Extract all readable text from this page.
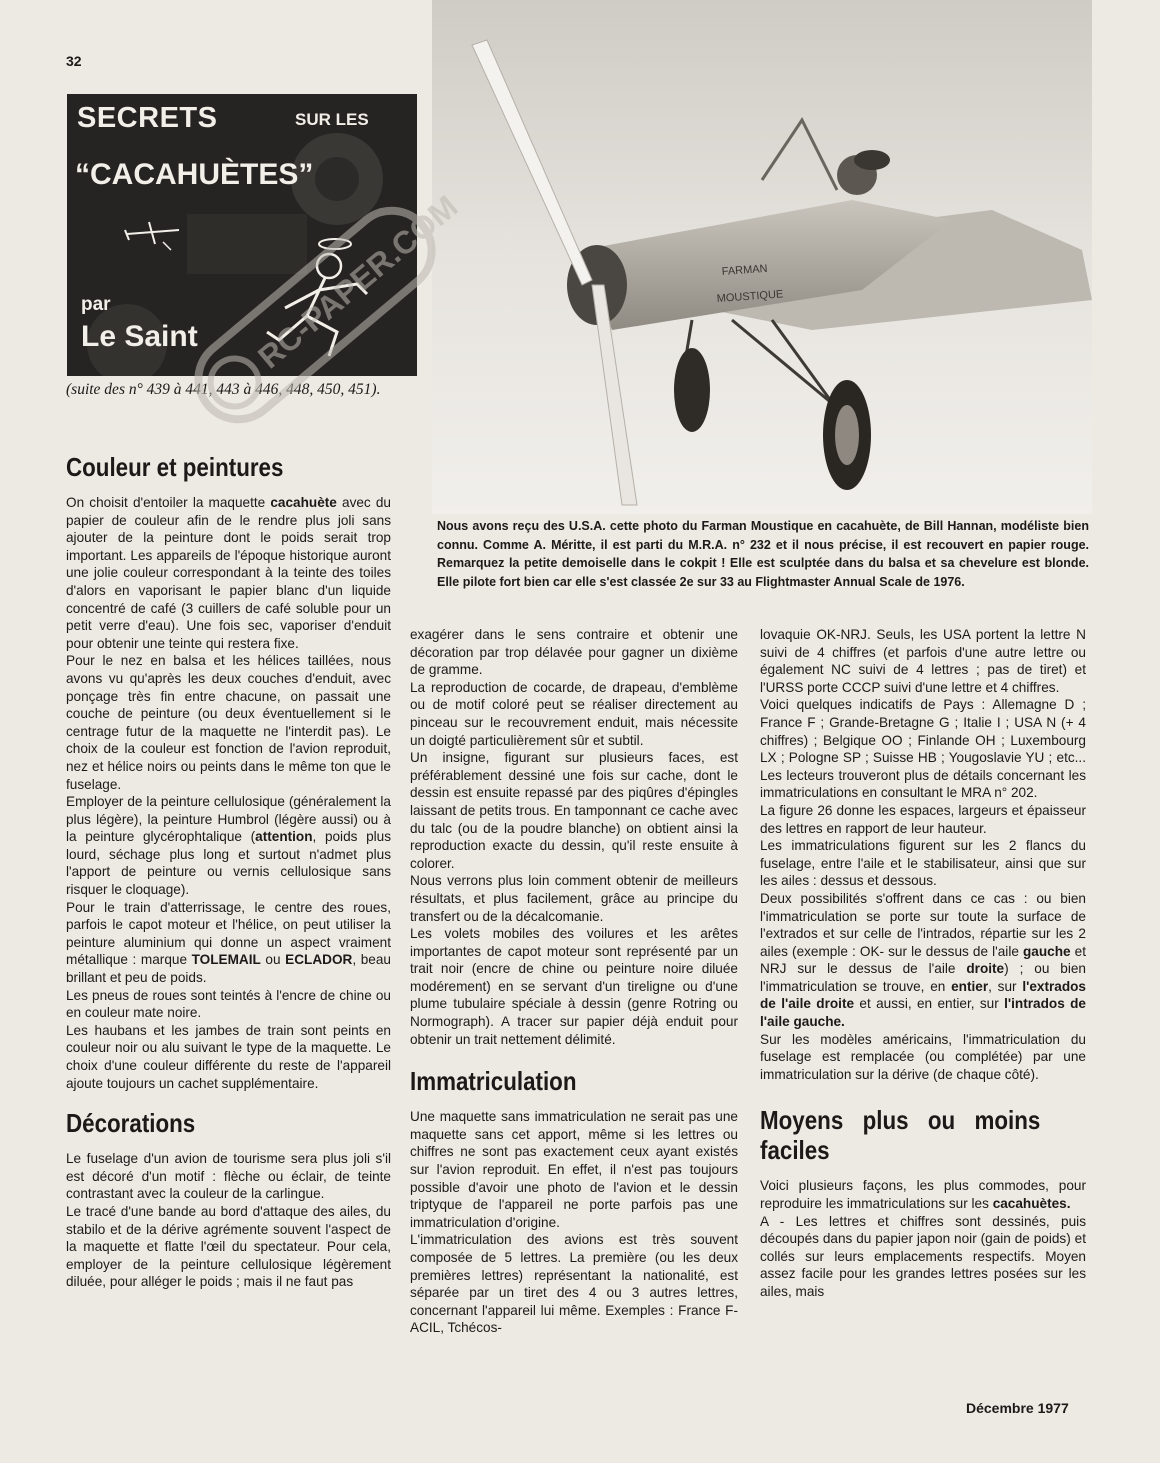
32
SECRETS	SUR LES
“CACAHUÈTES”
par
Le Saint
(suite des n° 439 à 441, 443 à 446, 448, 450, 451).
FARMAN
MOUSTIQUE
Nous avons reçu des U.S.A. cette photo du Farman Moustique en cacahuète, de Bill Hannan, modéliste bien connu. Comme A. Méritte, il est parti du M.R.A. n° 232 et il nous précise, il est recouvert en papier rouge. Remarquez la petite demoiselle dans le cokpit ! Elle est sculptée dans du balsa et sa chevelure est blonde. Elle pilote fort bien car elle s'est classée 2e sur 33 au Flightmaster Annual Scale de 1976.
RC-PAPER.COM
Couleur et peintures

On choisit d'entoiler la maquette cacahuète avec du papier de couleur afin de le rendre plus joli sans ajouter de la peinture dont le poids serait trop important. Les appareils de l'époque historique auront une jolie couleur correspondant à la teinte des toiles d'alors en vaporisant le papier blanc d'un liquide concentré de café (3 cuillers de café soluble pour un petit verre d'eau). Une fois sec, vaporiser d'enduit pour obtenir une teinte qui restera fixe.

Pour le nez en balsa et les hélices taillées, nous avons vu qu'après les deux couches d'enduit, avec ponçage très fin entre chacune, on passait une couche de peinture (ou deux éventuellement si le centrage futur de la maquette ne l'interdit pas). Le choix de la couleur est fonction de l'avion reproduit, nez et hélice noirs ou peints dans le même ton que le fuselage.

Employer de la peinture cellulosique (généralement la plus légère), la peinture Humbrol (légère aussi) ou à la peinture glycérophtalique (attention, poids plus lourd, séchage plus long et surtout n'admet plus l'apport de peinture ou vernis cellulosique sans risquer le cloquage).

Pour le train d'atterrissage, le centre des roues, parfois le capot moteur et l'hélice, on peut utiliser la peinture aluminium qui donne un aspect vraiment métallique : marque TOLEMAIL ou ECLADOR, beau brillant et peu de poids.

Les pneus de roues sont teintés à l'encre de chine ou en couleur mate noire.

Les haubans et les jambes de train sont peints en couleur noir ou alu suivant le type de la maquette. Le choix d'une couleur différente du reste de l'appareil ajoute toujours un cachet supplémentaire.

Décorations

Le fuselage d'un avion de tourisme sera plus joli s'il est décoré d'un motif : flèche ou éclair, de teinte contrastant avec la couleur de la carlingue.

Le tracé d'une bande au bord d'attaque des ailes, du stabilo et de la dérive agrémente souvent l'aspect de la maquette et flatte l'œil du spectateur. Pour cela, employer de la peinture cellulosique légèrement diluée, pour alléger le poids ; mais il ne faut pas

exagérer dans le sens contraire et obtenir une décoration par trop délavée pour gagner un dixième de gramme.

La reproduction de cocarde, de drapeau, d'emblème ou de motif coloré peut se réaliser directement au pinceau sur le recouvrement enduit, mais nécessite un doigté particulièrement sûr et subtil.

Un insigne, figurant sur plusieurs faces, est préférablement dessiné une fois sur cache, dont le dessin est ensuite repassé par des piqûres d'épingles laissant de petits trous. En tamponnant ce cache avec du talc (ou de la poudre blanche) on obtient ainsi la reproduction exacte du dessin, qu'il reste ensuite à colorer.

Nous verrons plus loin comment obtenir de meilleurs résultats, et plus facilement, grâce au principe du transfert ou de la décalcomanie.

Les volets mobiles des voilures et les arêtes importantes de capot moteur sont représenté par un trait noir (encre de chine ou peinture noire diluée modérement) en se servant d'un tireligne ou d'une plume tubulaire spéciale à dessin (genre Rotring ou Normograph). A tracer sur papier déjà enduit pour obtenir un trait nettement délimité.

Immatriculation

Une maquette sans immatriculation ne serait pas une maquette sans cet apport, même si les lettres ou chiffres ne sont pas exactement ceux ayant existés sur l'avion reproduit. En effet, il n'est pas toujours possible d'avoir une photo de l'avion et le dessin triptyque de l'appareil ne porte parfois pas une immatriculation d'origine.

L'immatriculation des avions est très souvent composée de 5 lettres. La première (ou les deux premières lettres) représentant la nationalité, est séparée par un tiret des 4 ou 3 autres lettres, concernant l'appareil lui même. Exemples : France F-ACIL, Tchécos-

lovaquie OK-NRJ. Seuls, les USA portent la lettre N suivi de 4 chiffres (et parfois d'une autre lettre ou également NC suivi de 4 lettres ; pas de tiret) et l'URSS porte CCCP suivi d'une lettre et 4 chiffres.

Voici quelques indicatifs de Pays : Allemagne D ; France F ; Grande-Bretagne G ; Italie I ; USA N (+ 4 chiffres) ; Belgique OO ; Finlande OH ; Luxembourg LX ; Pologne SP ; Suisse HB ; Yougoslavie YU ; etc... Les lecteurs trouveront plus de détails concernant les immatriculations en consultant le MRA n° 202.

La figure 26 donne les espaces, largeurs et épaisseur des lettres en rapport de leur hauteur.

Les immatriculations figurent sur les 2 flancs du fuselage, entre l'aile et le stabilisateur, ainsi que sur les ailes : dessus et dessous.

Deux possibilités s'offrent dans ce cas : ou bien l'immatriculation se porte sur toute la surface de l'extrados et sur celle de l'intrados, répartie sur les 2 ailes (exemple : OK- sur le dessus de l'aile gauche et NRJ sur le dessus de l'aile droite) ; ou bien l'immatriculation se trouve, en entier, sur l'extrados de l'aile droite et aussi, en entier, sur l'intrados de l'aile gauche.

Sur les modèles américains, l'immatriculation du fuselage est remplacée (ou complétée) par une immatriculation sur la dérive (de chaque côté).

Moyens plus ou moins faciles

Voici plusieurs façons, les plus commodes, pour reproduire les immatriculations sur les cacahuètes.

A - Les lettres et chiffres sont dessinés, puis découpés dans du papier japon noir (gain de poids) et collés sur leurs emplacements respectifs. Moyen assez facile pour les grandes lettres posées sur les ailes, mais

Décembre 1977
